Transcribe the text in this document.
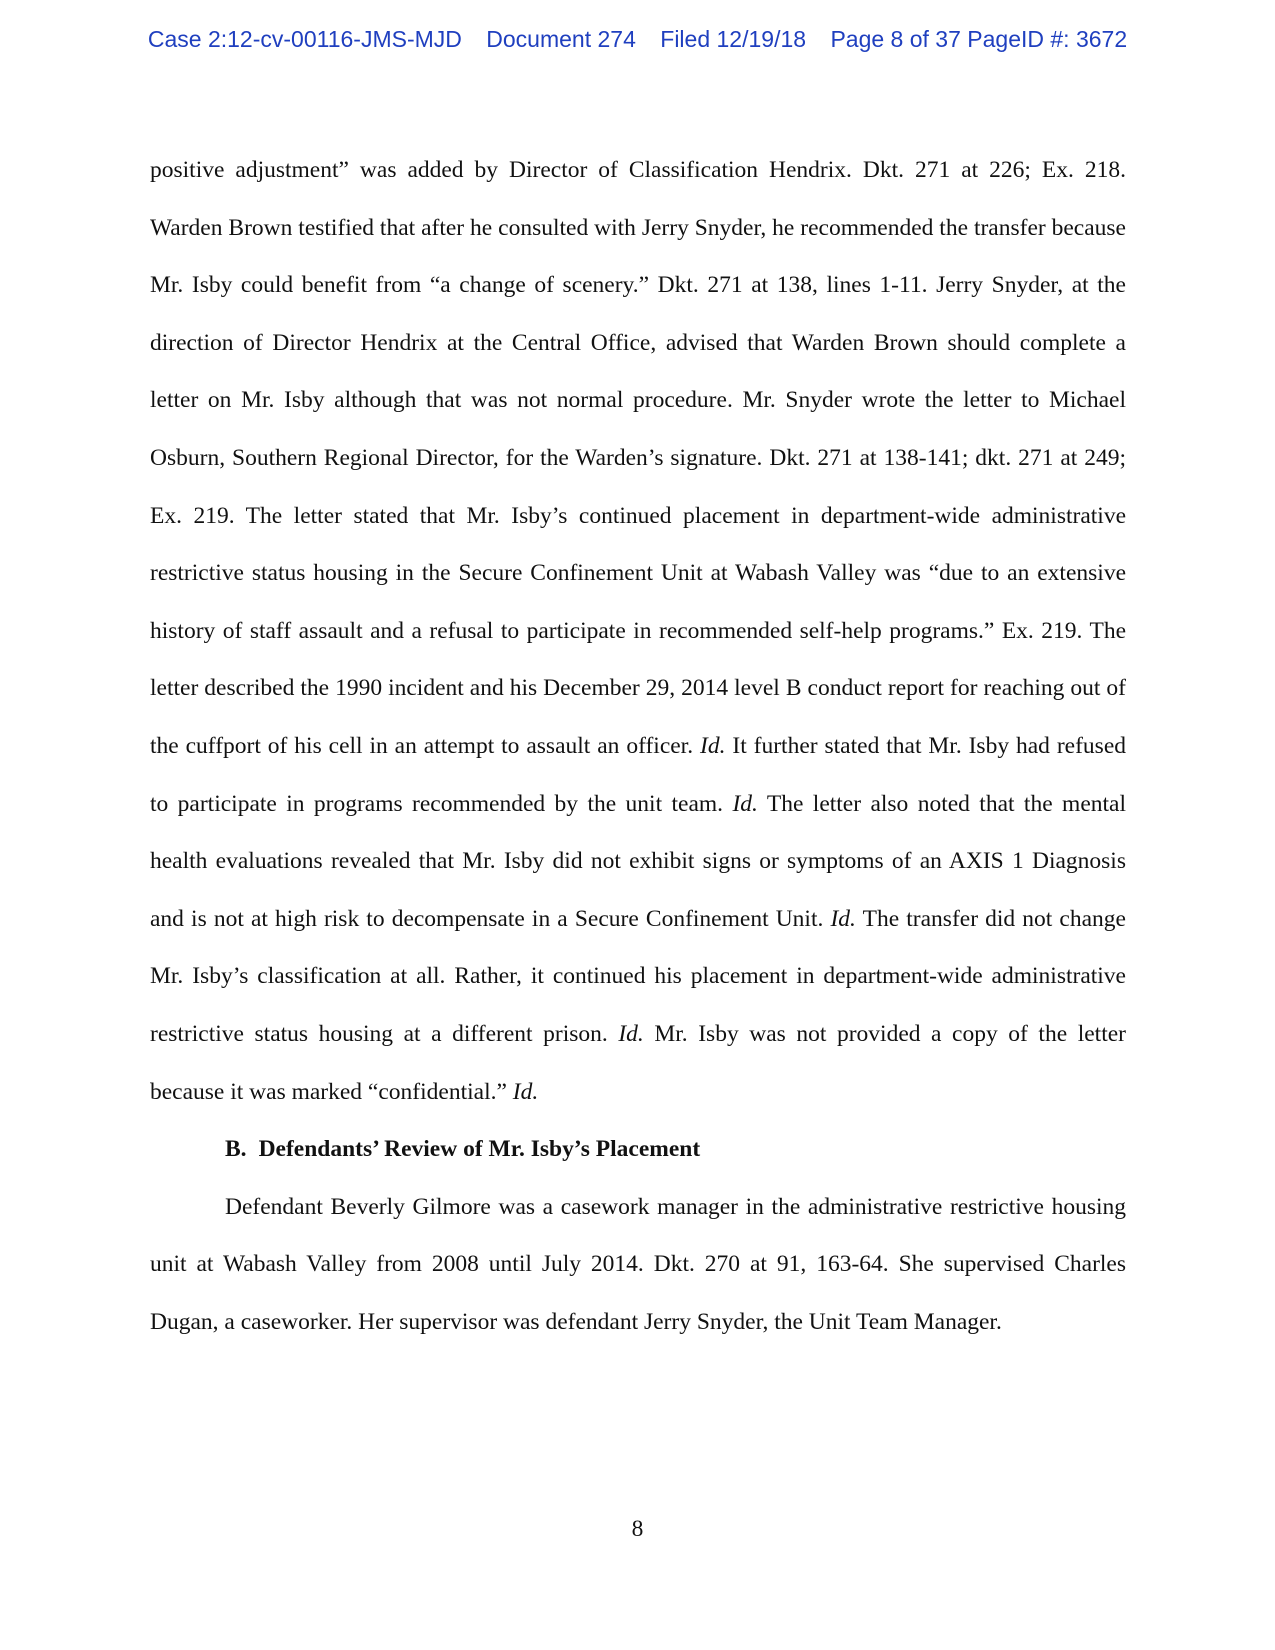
Case 2:12-cv-00116-JMS-MJD Document 274 Filed 12/19/18 Page 8 of 37 PageID #: 3672

positive adjustment” was added by Director of Classification Hendrix. Dkt. 271 at 226; Ex. 218. Warden Brown testified that after he consulted with Jerry Snyder, he recommended the transfer because Mr. Isby could benefit from “a change of scenery.” Dkt. 271 at 138, lines 1-11. Jerry Snyder, at the direction of Director Hendrix at the Central Office, advised that Warden Brown should complete a letter on Mr. Isby although that was not normal procedure. Mr. Snyder wrote the letter to Michael Osburn, Southern Regional Director, for the Warden’s signature. Dkt. 271 at 138-141; dkt. 271 at 249; Ex. 219. The letter stated that Mr. Isby’s continued placement in department-wide administrative restrictive status housing in the Secure Confinement Unit at Wabash Valley was “due to an extensive history of staff assault and a refusal to participate in recommended self-help programs.” Ex. 219. The letter described the 1990 incident and his December 29, 2014 level B conduct report for reaching out of the cuffport of his cell in an attempt to assault an officer. Id. It further stated that Mr. Isby had refused to participate in programs recommended by the unit team. Id. The letter also noted that the mental health evaluations revealed that Mr. Isby did not exhibit signs or symptoms of an AXIS 1 Diagnosis and is not at high risk to decompensate in a Secure Confinement Unit. Id. The transfer did not change Mr. Isby’s classification at all. Rather, it continued his placement in department-wide administrative restrictive status housing at a different prison. Id. Mr. Isby was not provided a copy of the letter because it was marked “confidential.” Id.

B. Defendants’ Review of Mr. Isby’s Placement

Defendant Beverly Gilmore was a casework manager in the administrative restrictive housing unit at Wabash Valley from 2008 until July 2014. Dkt. 270 at 91, 163-64. She supervised Charles Dugan, a caseworker. Her supervisor was defendant Jerry Snyder, the Unit Team Manager.

8
